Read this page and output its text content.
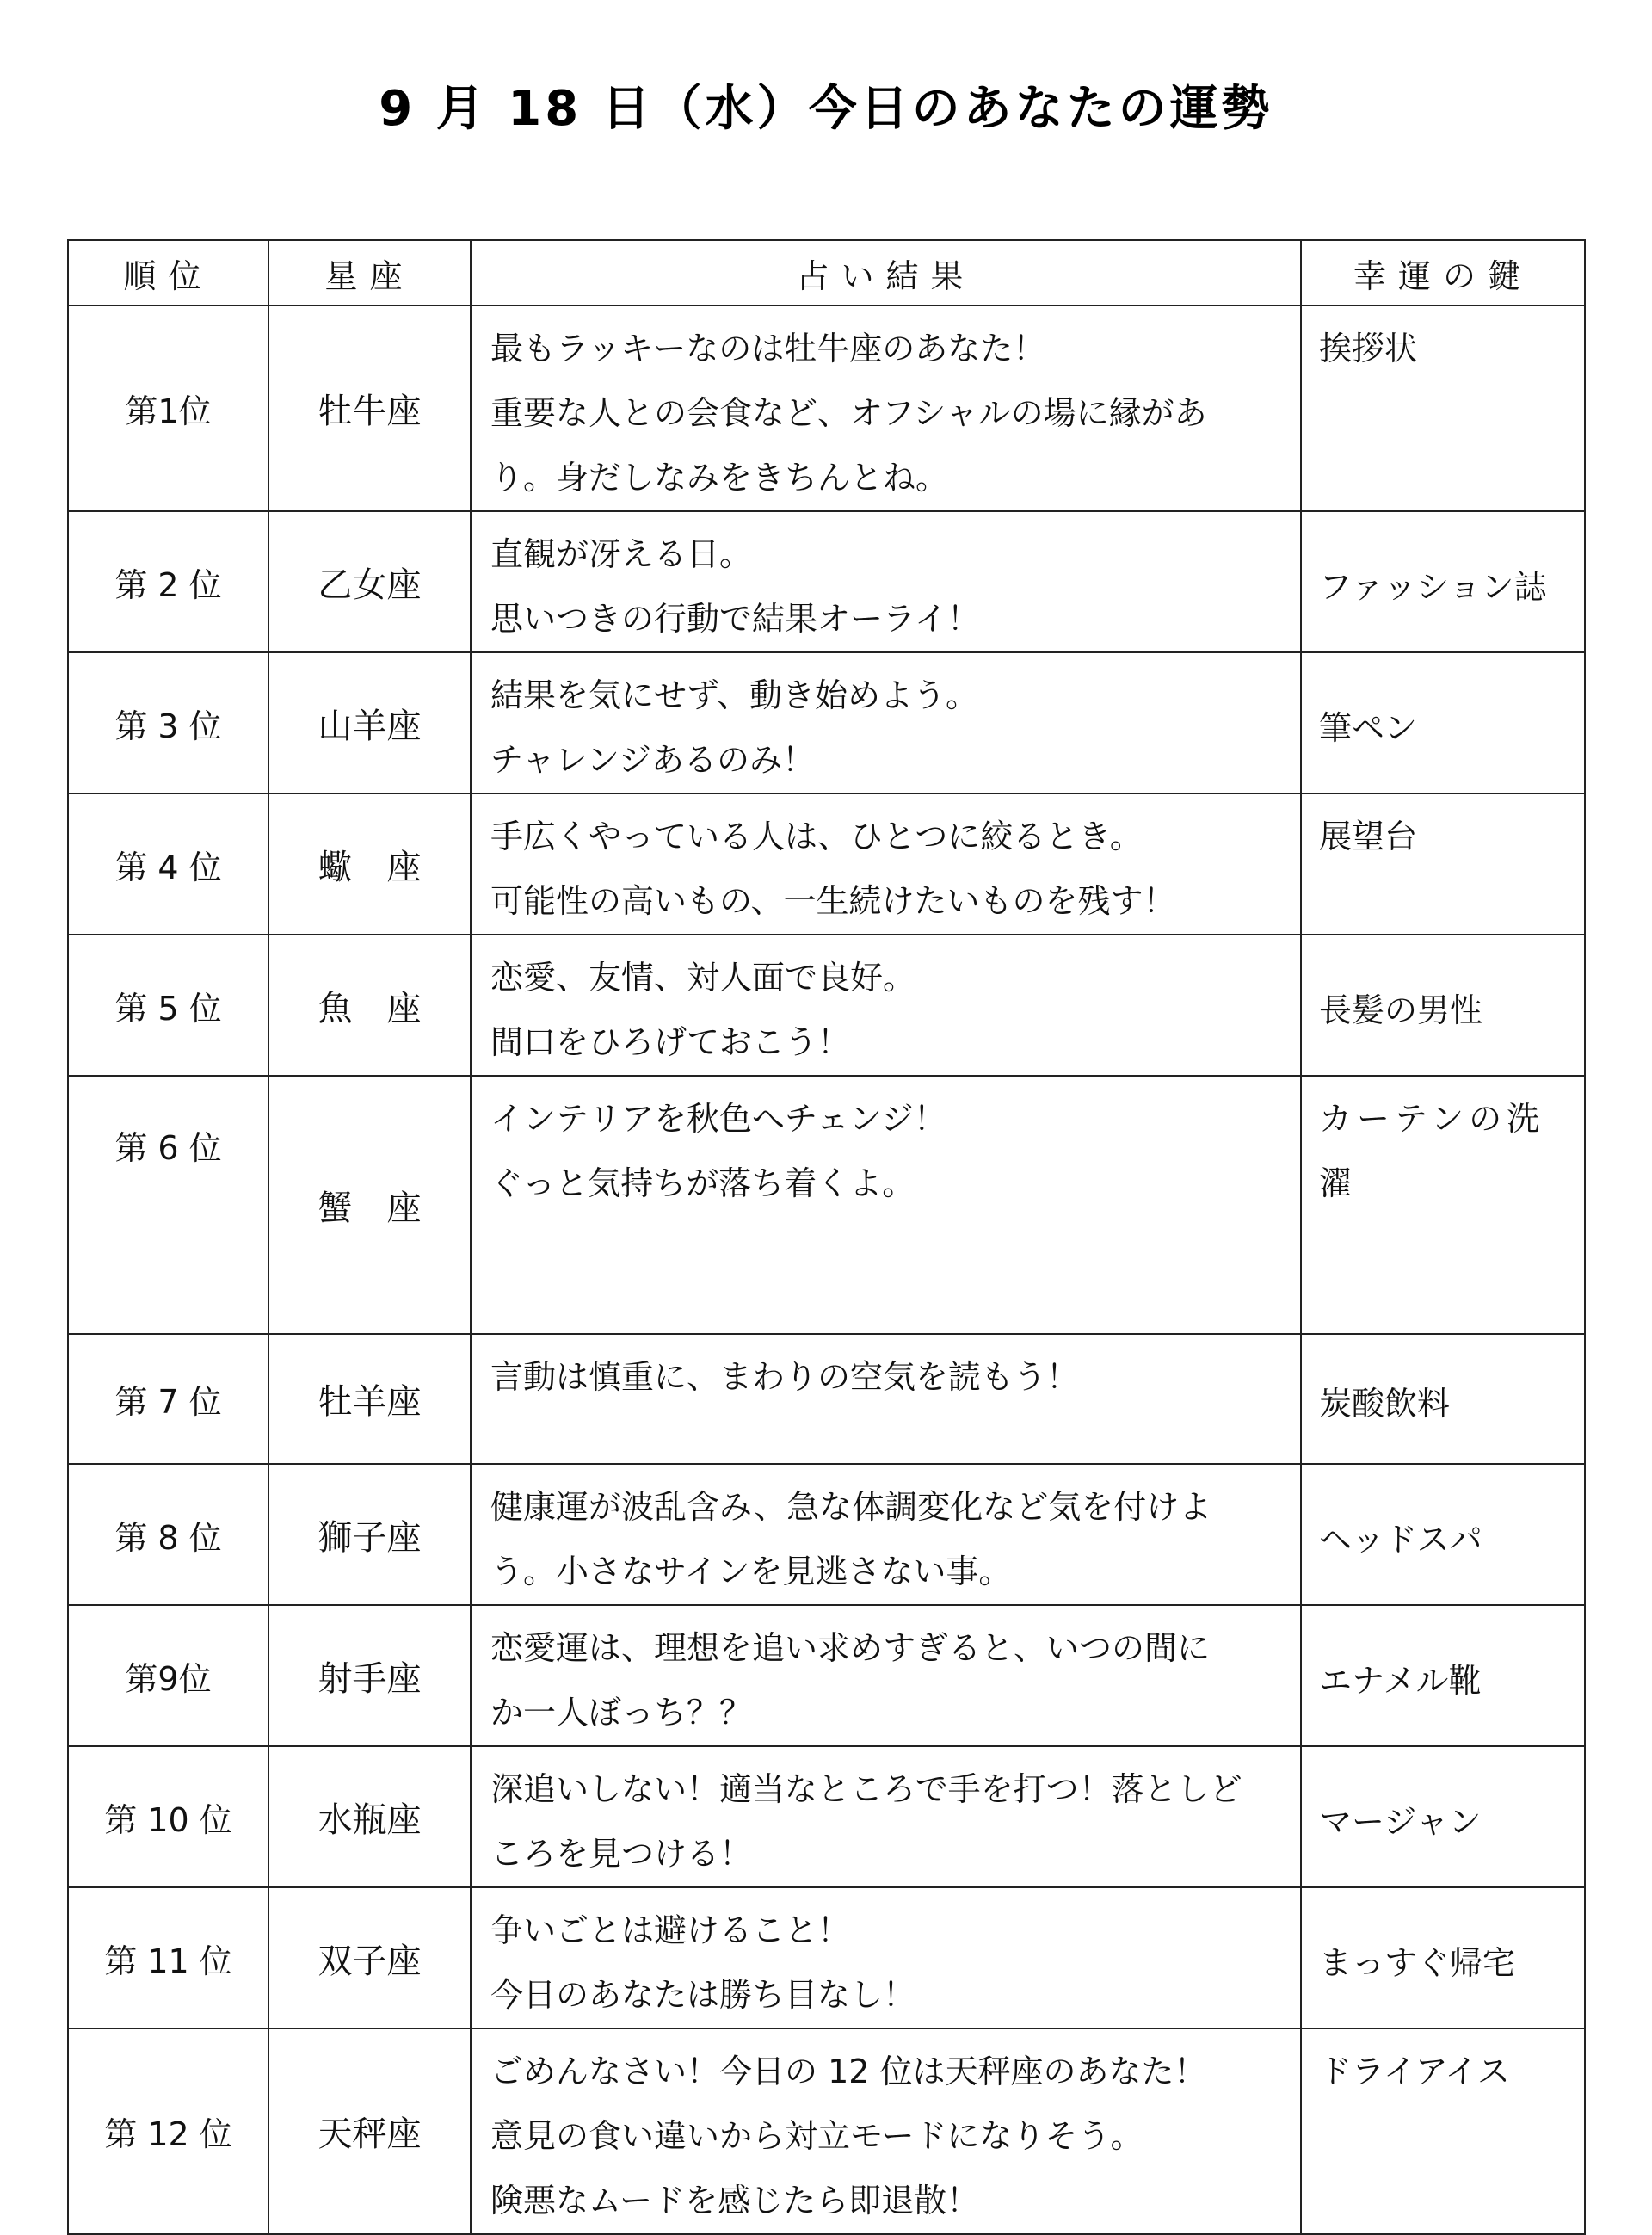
9 月 18 日（水）今日のあなたの運勢
順位	星座	占い結果	幸運の鍵
第1位	牡牛座	最もラッキーなのは牡牛座のあなた！
重要な人との会食など、オフシャルの場に縁があ
り。身だしなみをきちんとね。	挨拶状
第 2 位	乙女座	直観が冴える日。
思いつきの行動で結果オーライ！	ファッション誌
第 3 位	山羊座	結果を気にせず、動き始めよう。
チャレンジあるのみ！	筆ペン
第 4 位	蠍　座	手広くやっている人は、ひとつに絞るとき。
可能性の高いもの、一生続けたいものを残す！	展望台
第 5 位	魚　座	恋愛、友情、対人面で良好。
間口をひろげておこう！	長髪の男性
第 6 位	蟹　座	インテリアを秋色へチェンジ！
ぐっと気持ちが落ち着くよ。	カーテンの洗濯
第 7 位	牡羊座	言動は慎重に、まわりの空気を読もう！	炭酸飲料
第 8 位	獅子座	健康運が波乱含み、急な体調変化など気を付けよ
う。小さなサインを見逃さない事。	ヘッドスパ
第9位	射手座	恋愛運は、理想を追い求めすぎると、いつの間に
か一人ぼっち？？	エナメル靴
第 10 位	水瓶座	深追いしない！適当なところで手を打つ！落としど
ころを見つける！	マージャン
第 11 位	双子座	争いごとは避けること！
今日のあなたは勝ち目なし！	まっすぐ帰宅
第 12 位	天秤座	ごめんなさい！今日の 12 位は天秤座のあなた！
意見の食い違いから対立モードになりそう。
険悪なムードを感じたら即退散！	ドライアイス
